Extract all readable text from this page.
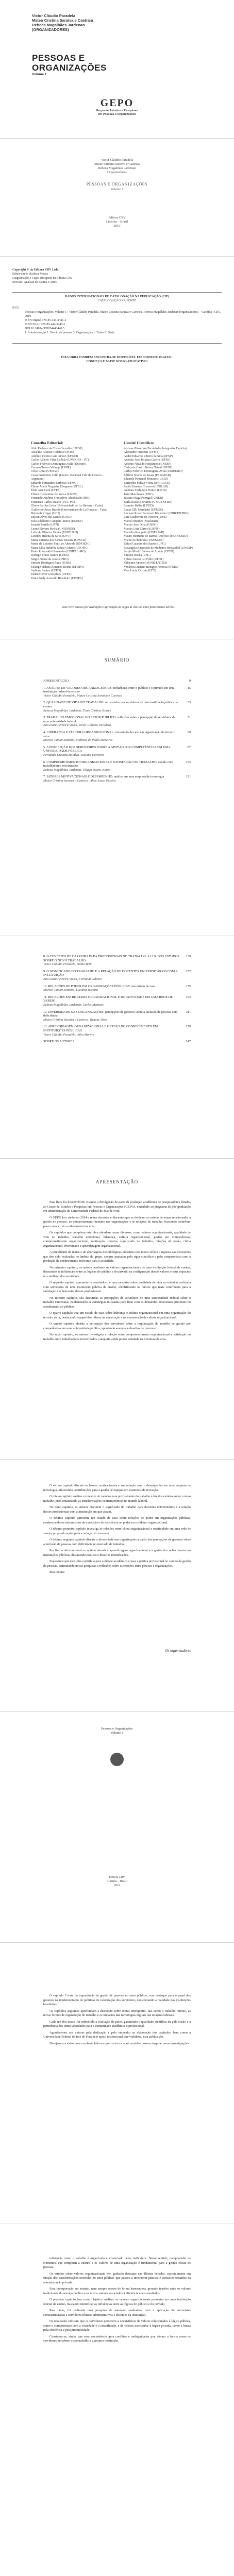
Victor Cláudio Paradela
Mateo Cristina Saraiva e Caetrica
Rebeca Magalhães Jardenan
(ORGANIZADORES)
PESSOAS E
ORGANIZAÇÕES
Volume 1
GEPO
Grupo de Estudos e Pesquisas
em Pessoas e Organizações
Victor Cláudio Paradela
Mateo Cristina Saraiva e Caetrica
Rebeca Magalhães Jardenan
Organizadores
PESSOAS E ORGANIZAÇÕES
Volume 1
Editora CRV
Curitiba – Brasil
2019
Copyright © da Editora CRV Ltda.
Editor-chefe: Railson Moura
Diagramação e Capa: Designers da Editora CRV
Revisão: Analista de Escrita e Artes

DADOS INTERNACIONAIS DE CATALOGAÇÃO NA PUBLICAÇÃO (CIP)

CATALOGAÇÃO NA FONTE

P475

Pessoas e organizações: volume 1 / Victor Cláudio Paradela, Mateo Cristina Saraiva e Caetrica, Rebeca Magalhães Jardenan (organizadores) – Curitiba : CRV, 2019.

ISBN Digital 978-85-444-3441-2

ISBN Físico 978-85-444-3440-5

DOI 10.24824/978854443440.5

1. Administração 2. Gestão de pessoas 3. Organizações I. Título II. Série

ESTA OBRA TAMBÉM ENCONTRA-SE DISPONÍVEL EM FORMATO DIGITAL.
CONHEÇA E BAIXE NOSSO APLICATIVO!
Conselho Editorial:

Aldo Pacheco da Costa Carvalho (UFOP)

Anselmo Alencar Colares (UFOPA)

Antônio Pereira Gaio Júnior (UFRRJ)

Carlos Alberto Vilar Estêvão (UMINHO – PT)

Carlos Federico Dominguez Avila (Unieuro)

Carmen Tereza Velanga (UNIR)

Celso Conti (UFSCar)

Cesar Gerónimo Tello (Univer. Nacional Três de Febrero – Argentina)

Eduardo Fernandes Barbosa (UFMG)

Elione Maria Nogueira Diogenes (UFAL)

Élsio José Corá (UFFS)

Elizeu Clementino de Souza (UNEB)

Fernando Antônio Gonçalves Alcoforado (IPB)

Francisco Carlos Duarte (PUC-PR)

Gloria Fariñas León (Universidade de La Havana – Cuba)

Guillermo Arias Beatón (Universidade de La Havana – Cuba)

Helmuth Krüger (UCP)

Jailson Alves dos Santos (UFRJ)

João Adalberto Campato Junior (UNESP)

Josania Portela (UFPI)

Leonel Severo Rocha (UNISINOS)

Lídia de Oliveira Xavier (UNIEURO)

Lourdes Helena da Silva (UFV)

Maria Cristina dos Santos Bezerra (UFSCar)

Maria de Lourdes Pinto de Almeida (UNOESC)

Maria Lília Imbiriba Sousa Colares (UFOPA)

Paulo Romualdo Hernandes (UNIFAL-MG)

Rodrigo Pratte-Santos (UFES)

Sérgio Nunes de Jesus (IFRO)

Simone Rodrigues Pinto (UNB)

Solange Helena Ximenes-Rocha (UFOPA)

Sydione Santos (UEPG)

Tadeu Oliver Gonçalves (UFPA)

Tania Suely Azevedo Brasileiro (UFOPA)

Comitê Científico:

Adriane Piovezan (Faculdades Integradas Espírita)

Alexandre Pierezan (UFMS)

Andre Eduardo Ribeiro da Silva (IFSP)

Antonio Jose Teixeira Guerra (UFRJ)

Antonio Nivaldo Hespanhol (UNESP)

Carlos de Castro Neves Neto (UNESP)

Carlos Federico Dominguez Avila (UNIEURO)

Edilson Soares de Souza (FABAPAR)

Eduardo Pimentel Menezes (UERJ)

Euripedes Falcao Vieira (IHGRRGS)

Fabio Eduardo Cressoni (UNILAB)

Gilmara Yoshihara Franco (UNIR)

Jairo Marchesan (UNC)

Jussara Fraga Portugal (UNEB)

Karla Rosário Brumes (UNICENTRO)

Leandro Baller (UFGD)

Lucas Zilli Marchetti (UFRGS)

Luciana Rosar Fornazari Klanovicz (UNICENTRO)

Luiz Guilherme de Oliveira (UnB)

Marcel Mendes (Mackenzie)

Marcio Jose Ornat (UEPG)

Marcio Luiz Carreri (UENP)

Maurilio Rompatto (UNESPAR)

Mauro Henrique de Barros Amoroso (FEBF/UERJ)

Michel Kobelinski (UNESPAR)

Rafael Guarato dos Santos (UFG)

Rosangela Aparecida de Medeiros Hespanhol (UNESP)

Sergio Murilo Santos de Araújo (UFCG)

Simone Rocha (UnC)

Sylvio Fausto Gil Filho (UFPR)

Valdemir Antoneli (UNICENTRO)

Venilson Luciano Benigno Fonseca (IFMG)

Vera Lúcia Caixeta (UFT)

Este livro passou por avaliação e aprovação às cegas de dois ou mais pareceristas ad hoc.
SUMÁRIO
APRESENTAÇÃO	9
1. ANÁLISE DE VALORES ORGANIZACIONAIS: influências entre o público e o privado em uma instituição federal de ensino
Victor Cláudio Paradela, Mateo Cristina Saraiva e Caetrica
15
2. QUALIDADE DE VIDA NO TRABALHO: um estudo com servidores de uma instituição pública de ensino
Rebeca Magalhães Jardenan, Thaís Cristina Soares
33
3. TRABALHO EMOCIONAL NO SETOR PÚBLICO: reflexões sobre a percepção de servidores de uma universidade federal
Ana Luiza Ferreira Vieira, Victor Cláudio Paradela
51
4. LIDERANÇA E CULTURA ORGANIZACIONAL: um estudo de caso em organização do terceiro setor
Marcos Tanure Sanabio, Matheus de Paula Medeiros
69
5. A PERCEPÇÃO DOS SERVIDORES SOBRE A GESTÃO POR COMPETÊNCIAS EM UMA UNIVERSIDADE PÚBLICA
Fernanda Cristina da Silva, Luciano Carneiro
87
6. COMPROMETIMENTO ORGANIZACIONAL E SATISFAÇÃO NO TRABALHO: estudo com trabalhadores terceirizados
Rebeca Magalhães Jardenan, Thiago Soares Nunes
105
7. FATORES MOTIVACIONAIS E DESEMPENHO: análise em uma empresa de tecnologia
Mateo Cristina Saraiva e Caetrica, Alice Souza Pereira
121
8. O CONCEITO DE CARREIRA PARA PROFISSIONAIS DO TRABALHO: A LUZ DOS ESTUDOS SOBRE O NOVO TRABALHO
Victor Cláudio Paradela, Nádia Brito
139
9. O SIGNIFICADO DO TRABALHO E A RELAÇÃO DE DOCENTES UNIVERSITÁRIOS COM A INSTITUIÇÃO
Ana Luiza Ferreira Vieira, Fernanda Ribeiro
157
10. RELAÇÕES DE PODER EM ORGANIZAÇÕES PÚBLICAS: um estudo de caso
Marcos Tanure Sanabio, Luciana Teixeira
175
11. RELAÇÕES ENTRE CLIMA ORGANIZACIONAL E ROTATIVIDADE EM UMA REDE DE VAREJO
Rebeca Magalhães Jardenan, Carlos Menezes
193
12. DIVERSIDADE NAS ORGANIZAÇÕES: percepções de gestores sobre a inclusão de pessoas com deficiência
Mateo Cristina Saraiva e Caetrica, Renata Alves
211
13. APRENDIZAGEM ORGANIZACIONAL E GESTÃO DO CONHECIMENTO EM INSTITUIÇÕES PÚBLICAS
Victor Cláudio Paradela, Júlia Martins
229
SOBRE OS AUTORES	247
APRESENTAÇÃO

Este livro foi desenvolvido visando a divulgação de parte da produção acadêmica de pesquisadores filiados ao Grupo de Estudos e Pesquisas em Pessoas e Organizações (GEPO), vinculado ao programa de pós-graduação em administração da Universidade Federal de Juiz de Fora.

O GEPO foi criado em 2014 e reúne docentes e discentes que se dedicam ao estudo de temas relacionados à gestão de pessoas, ao comportamento humano nas organizações e às relações de trabalho, buscando contribuir para o avanço do conhecimento na área.

Os capítulos que compõem esta obra abordam temas diversos, como valores organizacionais, qualidade de vida no trabalho, trabalho emocional, liderança, cultura organizacional, gestão por competências, comprometimento organizacional, motivação, carreira, significado do trabalho, relações de poder, clima organizacional, diversidade e aprendizagem organizacional.

A pluralidade de temas e de abordagens metodológicas presentes nos textos reflete a riqueza das discussões que têm sido realizadas no âmbito do grupo, sempre pautadas pelo rigor científico e pelo compromisso com a produção de conhecimento relevante para a sociedade.

No primeiro capítulo, os autores analisam os valores organizacionais de uma instituição federal de ensino, discutindo as influências entre as lógicas do público e do privado na configuração desses valores e seus impactos no cotidiano dos servidores.

O segundo capítulo apresenta os resultados de uma pesquisa sobre qualidade de vida no trabalho realizada com servidores de uma instituição pública de ensino, identificando os fatores que mais contribuem para a satisfação e o bem-estar desses profissionais.

No terceiro capítulo, são discutidas as percepções de servidores de uma universidade federal sobre o trabalho emocional, evidenciando as estratégias utilizadas para lidar com as demandas emocionais presentes no atendimento ao público.

O quarto capítulo traz um estudo de caso sobre liderança e cultura organizacional em uma organização do terceiro setor, destacando o papel dos líderes na construção e na manutenção da cultura organizacional.

O quinto capítulo aborda a percepção dos servidores sobre a implantação do modelo de gestão por competências em uma universidade pública, apontando avanços e desafios do processo.

No sexto capítulo, os autores investigam a relação entre comprometimento organizacional e satisfação no trabalho entre trabalhadores terceirizados, categoria ainda pouco estudada na literatura da área.

O sétimo capítulo discute os fatores motivacionais e sua relação com o desempenho em uma empresa de tecnologia, oferecendo contribuições para a gestão de equipes em contextos de inovação.

O oitavo capítulo analisa o conceito de carreira para profissionais do trabalho à luz dos estudos sobre o novo trabalho, problematizando as transformações contemporâneas no mundo laboral.

No nono capítulo, as autoras discutem o significado do trabalho para docentes universitários e a relação desses profissionais com a instituição em que atuam.

O décimo capítulo apresenta um estudo de caso sobre relações de poder em organizações públicas, evidenciando os mecanismos de exercício e de resistência ao poder no cotidiano organizacional.

O décimo primeiro capítulo investiga as relações entre clima organizacional e rotatividade em uma rede de varejo, propondo ações para a redução do turnover.

O décimo segundo capítulo discute a diversidade nas organizações a partir das percepções de gestores sobre a inclusão de pessoas com deficiência no mercado de trabalho.

Por fim, o décimo terceiro capítulo aborda a aprendizagem organizacional e a gestão do conhecimento em instituições públicas, destacando práticas e desafios identificados.

Esperamos que esta obra contribua para o debate acadêmico e para a prática profissional no campo da gestão de pessoas, estimulando novas pesquisas e reflexões sobre as relações entre pessoas e organizações.

Boa leitura!

Os organizadores
Pessoas e Organizações
Volume 1
Editora CRV
Curitiba – Brasil
2019

O capítulo 5 trata da importância da gestão de pessoas no setor público, com destaque para o papel dos gestores na implementação de políticas de valorização dos servidores, considerando a realidade das instituições brasileiras.

Os capítulos seguintes aprofundam a discussão sobre temas emergentes, tais como o trabalho remoto, as novas formas de organização do trabalho e os impactos das tecnologias digitais nas relações laborais.

Cada um dos textos foi submetido a avaliação de pares, garantindo a qualidade científica da publicação e a pertinência dos temas abordados para a comunidade acadêmica e profissional.

Agradecemos aos autores pela dedicação e pelo empenho na elaboração dos capítulos, bem como à Universidade Federal de Juiz de Fora pelo apoio institucional que viabilizou esta publicação.

Desejamos a todos uma excelente leitura e que os textos aqui reunidos possam inspirar novas investigações.

influencia como o trabalho é organizado e vivenciado pelos indivíduos. Nesse sentido, compreender os elementos que compõem a cultura e os valores de uma organização é fundamental para a gestão eficaz de pessoas.

Os estudos sobre valores organizacionais têm ganhado destaque nas últimas décadas, especialmente em função das transformações ocorridas no setor público, que passou a incorporar práticas e conceitos oriundos da administração privada.

Essa incorporação, no entanto, nem sempre ocorre de forma harmoniosa, gerando tensões entre os valores tradicionais do serviço público e os novos valores associados à eficiência e aos resultados.

O presente capítulo tem como objetivo analisar os valores organizacionais presentes em uma instituição federal de ensino, buscando identificar as influências entre as lógicas do público e do privado.

Para tanto, foi realizada uma pesquisa de natureza qualitativa, com a aplicação de entrevistas semiestruturadas a servidores técnico-administrativos e docentes da instituição.

Os resultados indicam que os servidores percebem a coexistência de valores relacionados à lógica pública, como o compromisso com a sociedade e a estabilidade, e de valores associados à lógica privada, como a busca pela eficiência e pela produtividade.

Constatou-se, ainda, que essa coexistência gera conflitos e ambiguidades que afetam a forma como os servidores percebem o seu trabalho e a própria instituição.
